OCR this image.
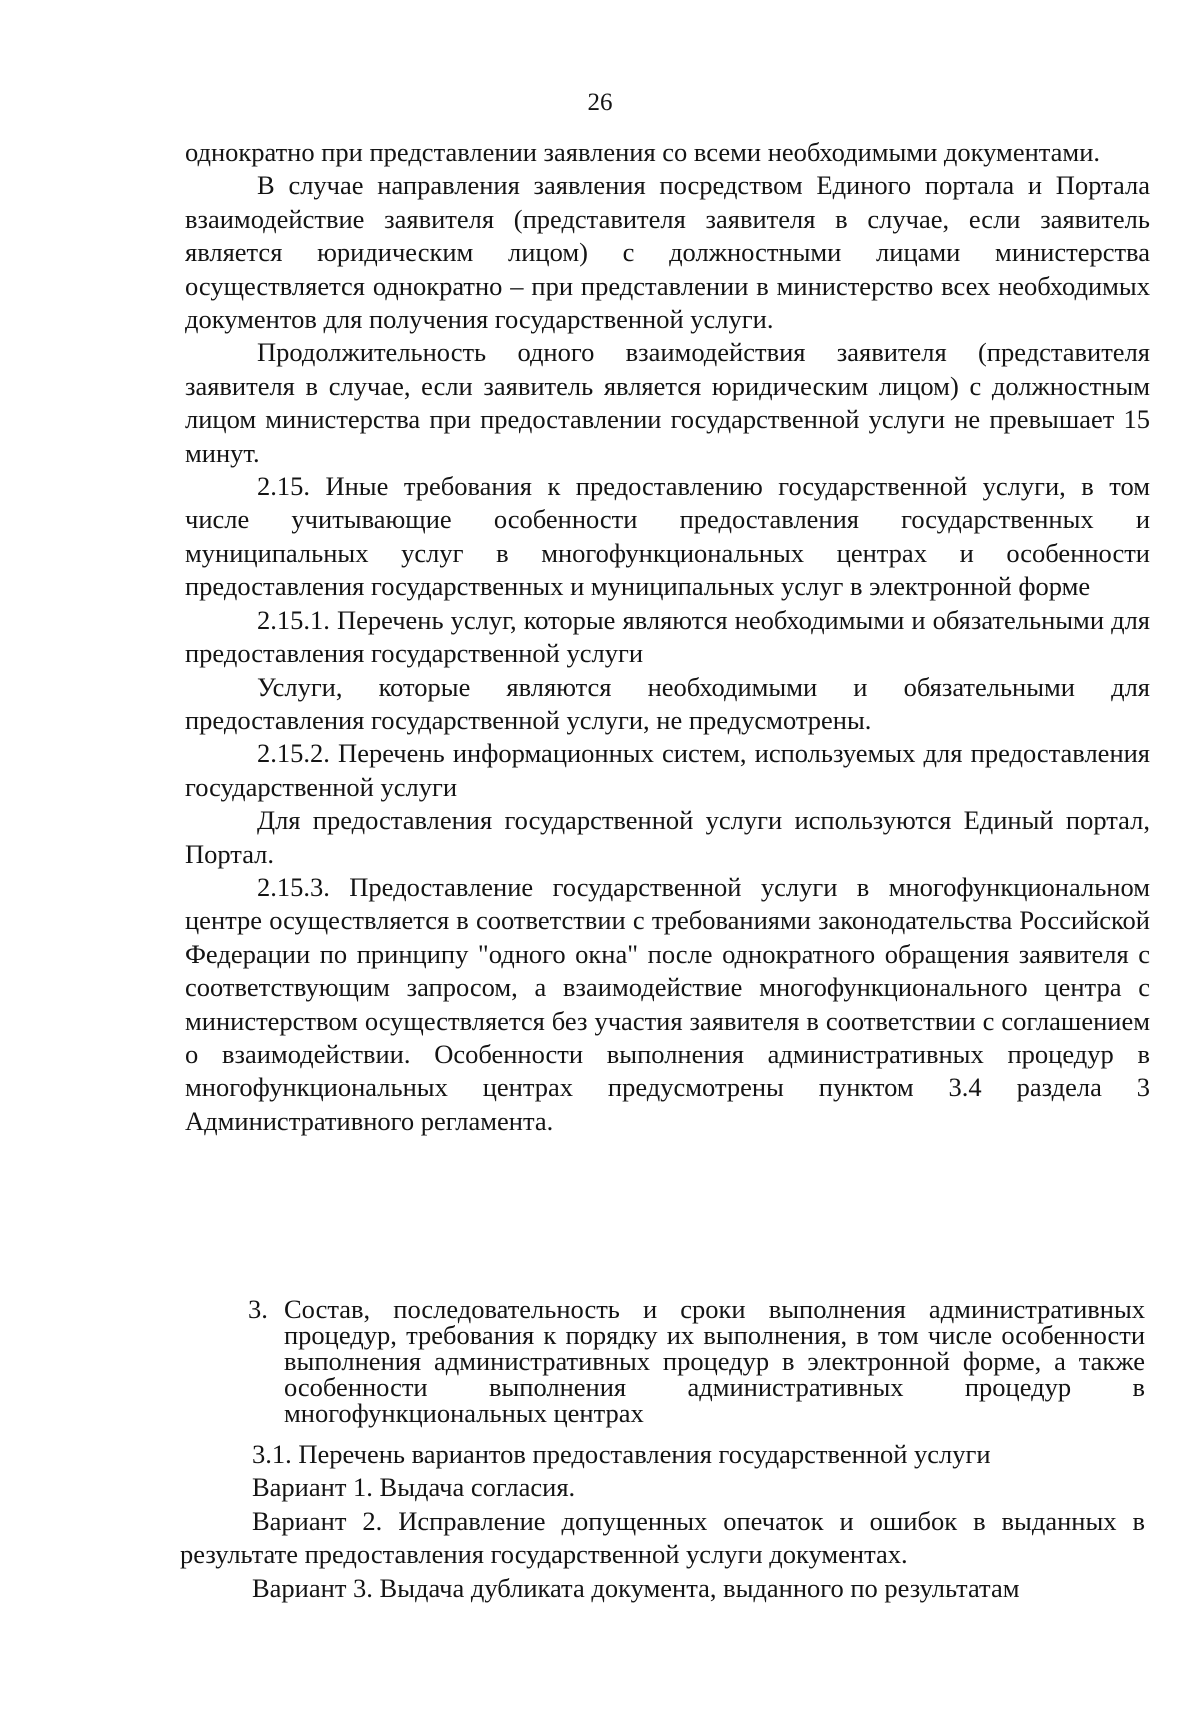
26

однократно при представлении заявления со всеми необходимыми документами.

В случае направления заявления посредством Единого портала и Портала взаимодействие заявителя (представителя заявителя в случае, если заявитель является юридическим лицом) с должностными лицами министерства осуществляется однократно – при представлении в министерство всех необходимых документов для получения государственной услуги.

Продолжительность одного взаимодействия заявителя (представителя заявителя в случае, если заявитель является юридическим лицом) с должностным лицом министерства при предоставлении государственной услуги не превышает 15 минут.

2.15. Иные требования к предоставлению государственной услуги, в том числе учитывающие особенности предоставления государственных и муниципальных услуг в многофункциональных центрах и особенности предоставления государственных и муниципальных услуг в электронной форме

2.15.1. Перечень услуг, которые являются необходимыми и обязательными для предоставления государственной услуги

Услуги, которые являются необходимыми и обязательными для предоставления государственной услуги, не предусмотрены.

2.15.2. Перечень информационных систем, используемых для предоставления государственной услуги

Для предоставления государственной услуги используются Единый портал, Портал.

2.15.3. Предоставление государственной услуги в многофункциональном центре осуществляется в соответствии с требованиями законодательства Российской Федерации по принципу "одного окна" после однократного обращения заявителя с соответствующим запросом, а взаимодействие многофункционального центра с министерством осуществляется без участия заявителя в соответствии с соглашением о взаимодействии. Особенности выполнения административных процедур в многофункциональных центрах предусмотрены пунктом 3.4 раздела 3 Административного регламента.

3. Состав, последовательность и сроки выполнения административных процедур, требования к порядку их выполнения, в том числе особенности выполнения административных процедур в электронной форме, а также особенности выполнения административных процедур в многофункциональных центрах

3.1. Перечень вариантов предоставления государственной услуги

Вариант 1. Выдача согласия.

Вариант 2. Исправление допущенных опечаток и ошибок в выданных в результате предоставления государственной услуги документах.

Вариант 3. Выдача дубликата документа, выданного по результатам
